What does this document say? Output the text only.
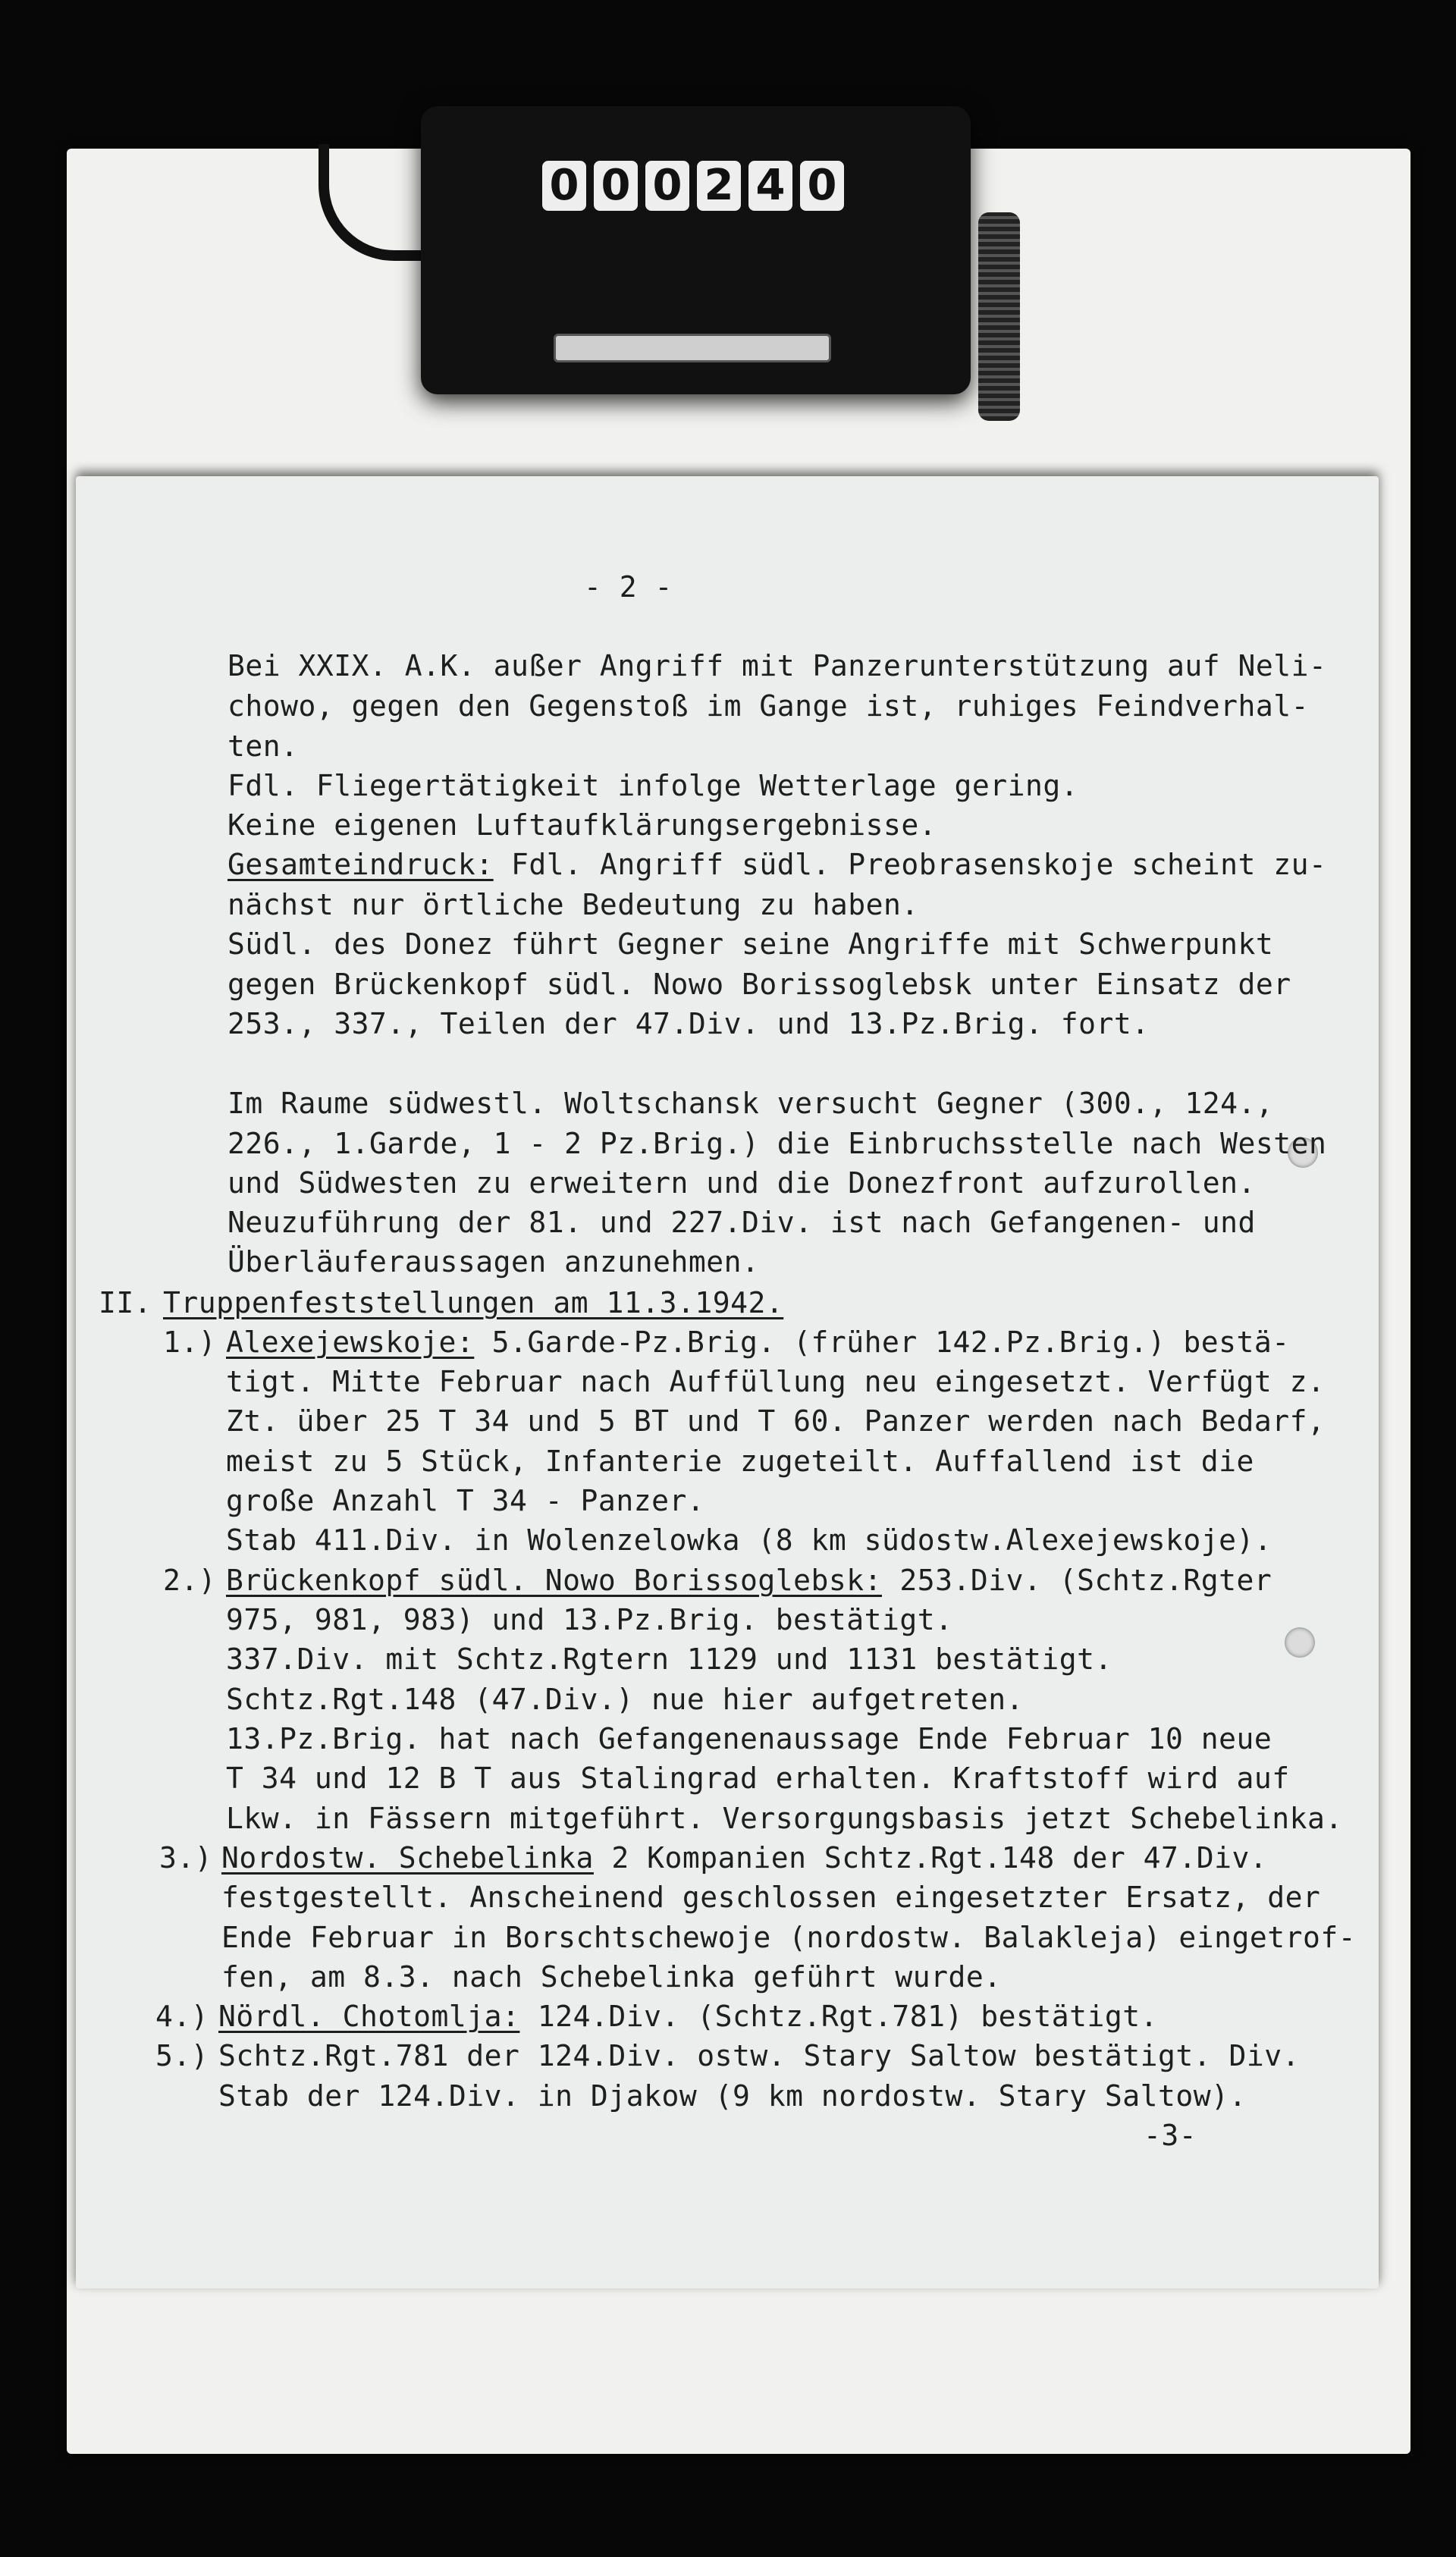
0 0 0 2 4 0
- 2 -
Bei XXIX. A.K. außer Angriff mit Panzerunterstützung auf Neli-
chowo, gegen den Gegenstoß im Gange ist, ruhiges Feindverhal-
ten.
Fdl. Fliegertätigkeit infolge Wetterlage gering.
Keine eigenen Luftaufklärungsergebnisse.
Gesamteindruck: Fdl. Angriff südl. Preobrasenskoje scheint zu-
nächst nur örtliche Bedeutung zu haben.
Südl. des Donez führt Gegner seine Angriffe mit Schwerpunkt
gegen Brückenkopf südl. Nowo Borissoglebsk unter Einsatz der
253., 337., Teilen der 47.Div. und 13.Pz.Brig. fort.
Im Raume südwestl. Woltschansk versucht Gegner (300., 124.,
226., 1.Garde, 1 - 2 Pz.Brig.) die Einbruchsstelle nach Westen
und Südwesten zu erweitern und die Donezfront aufzurollen.
Neuzuführung der 81. und 227.Div. ist nach Gefangenen- und
Überläuferaussagen anzunehmen.
II. Truppenfeststellungen am 11.3.1942.
1.) Alexejewskoje: 5.Garde-Pz.Brig. (früher 142.Pz.Brig.) bestä-
tigt. Mitte Februar nach Auffüllung neu eingesetzt. Verfügt z.
Zt. über 25 T 34 und 5 BT und T 60. Panzer werden nach Bedarf,
meist zu 5 Stück, Infanterie zugeteilt. Auffallend ist die
große Anzahl T 34 - Panzer.
Stab 411.Div. in Wolenzelowka (8 km südostw.Alexejewskoje).
2.) Brückenkopf südl. Nowo Borissoglebsk: 253.Div. (Schtz.Rgter
975, 981, 983) und 13.Pz.Brig. bestätigt.
337.Div. mit Schtz.Rgtern 1129 und 1131 bestätigt.
Schtz.Rgt.148 (47.Div.) nue hier aufgetreten.
13.Pz.Brig. hat nach Gefangenenaussage Ende Februar 10 neue
T 34 und 12 B T aus Stalingrad erhalten. Kraftstoff wird auf
Lkw. in Fässern mitgeführt. Versorgungsbasis jetzt Schebelinka.
3.) Nordostw. Schebelinka 2 Kompanien Schtz.Rgt.148 der 47.Div.
festgestellt. Anscheinend geschlossen eingesetzter Ersatz, der
Ende Februar in Borschtschewoje (nordostw. Balakleja) eingetrof-
fen, am 8.3. nach Schebelinka geführt wurde.
4.) Nördl. Chotomlja: 124.Div. (Schtz.Rgt.781) bestätigt.
5.) Schtz.Rgt.781 der 124.Div. ostw. Stary Saltow bestätigt. Div.
Stab der 124.Div. in Djakow (9 km nordostw. Stary Saltow).
-3-
